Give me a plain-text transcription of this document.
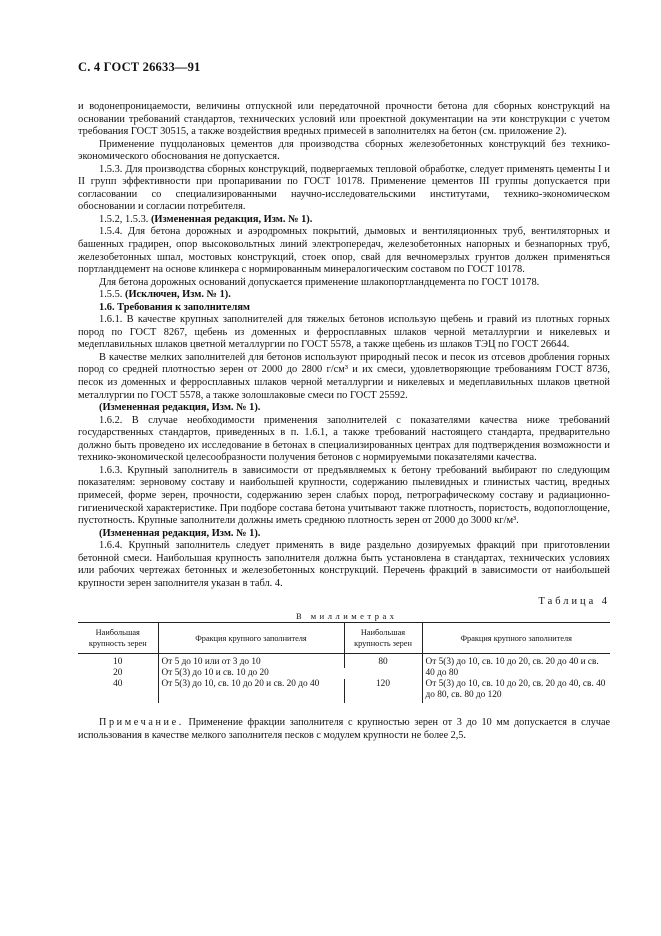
С. 4 ГОСТ 26633—91

и водонепроницаемости, величины отпускной или передаточной прочности бетона для сборных конструкций на основании требований стандартов, технических условий или проектной документации на эти конструкции с учетом требования ГОСТ 30515, а также воздействия вредных примесей в заполнителях на бетон (см. приложение 2).

Применение пуццолановых цементов для производства сборных железобетонных конструкций без технико-экономического обоснования не допускается.

1.5.3. Для производства сборных конструкций, подвергаемых тепловой обработке, следует применять цементы I и II групп эффективности при пропаривании по ГОСТ 10178. Применение цементов III группы допускается при согласовании со специализированными научно-исследовательскими институтами, технико-экономическом обосновании и согласии потребителя.

1.5.2, 1.5.3. (Измененная редакция, Изм. № 1).

1.5.4. Для бетона дорожных и аэродромных покрытий, дымовых и вентиляционных труб, вентиляторных и башенных градирен, опор высоковольтных линий электропередач, железобетонных напорных и безнапорных труб, железобетонных шпал, мостовых конструкций, стоек опор, свай для вечномерзлых грунтов должен применяться портландцемент на основе клинкера с нормированным минералогическим составом по ГОСТ 10178.

Для бетона дорожных оснований допускается применение шлакопортландцемента по ГОСТ 10178.

1.5.5. (Исключен, Изм. № 1).

1.6. Требования к заполнителям

1.6.1. В качестве крупных заполнителей для тяжелых бетонов использую щебень и гравий из плотных горных пород по ГОСТ 8267, щебень из доменных и ферросплавных шлаков черной металлургии и никелевых и медеплавильных шлаков цветной металлургии по ГОСТ 5578, а также щебень из шлаков ТЭЦ по ГОСТ 26644.

В качестве мелких заполнителей для бетонов используют природный песок и песок из отсевов дробления горных пород со средней плотностью зерен от 2000 до 2800 г/см³ и их смеси, удовлетворяющие требованиям ГОСТ 8736, песок из доменных и ферросплавных шлаков черной металлургии и никелевых и медеплавильных шлаков цветной металлургии по ГОСТ 5578, а также золошлаковые смеси по ГОСТ 25592.

(Измененная редакция, Изм. № 1).

1.6.2. В случае необходимости применения заполнителей с показателями качества ниже требований государственных стандартов, приведенных в п. 1.6.1, а также требований настоящего стандарта, предварительно должно быть проведено их исследование в бетонах в специализированных центрах для подтверждения возможности и технико-экономической целесообразности получения бетонов с нормируемыми показателями качества.

1.6.3. Крупный заполнитель в зависимости от предъявляемых к бетону требований выбирают по следующим показателям: зерновому составу и наибольшей крупности, содержанию пылевидных и глинистых частиц, вредных примесей, форме зерен, прочности, содержанию зерен слабых пород, петрографическому составу и радиационно-гигиенической характеристике. При подборе состава бетона учитывают также плотность, пористость, водопоглощение, пустотность. Крупные заполнители должны иметь среднюю плотность зерен от 2000 до 3000 кг/м³.

(Измененная редакция, Изм. № 1).

1.6.4. Крупный заполнитель следует применять в виде раздельно дозируемых фракций при приготовлении бетонной смеси. Наибольшая крупность заполнителя должна быть установлена в стандартах, технических условиях или рабочих чертежах бетонных и железобетонных конструкций. Перечень фракций в зависимости от наибольшей крупности зерен заполнителя указан в табл. 4.

Таблица 4
В миллиметрах
Наибольшая крупность зерен	Фракция крупного заполнителя	Наибольшая крупность зерен	Фракция крупного заполнителя
10	От 5 до 10 или от 3 до 10	80	От 5(3) до 10, св. 10 до 20, св. 20 до 40 и св. 40 до 80
20	От 5(3) до 10 и св. 10 до 20		
40	От 5(3) до 10, св. 10 до 20 и св. 20 до 40	120	От 5(3) до 10, св. 10 до 20, св. 20 до 40, св. 40 до 80, св. 80 до 120

Примечание. Применение фракции заполнителя с крупностью зерен от 3 до 10 мм допускается в случае использования в качестве мелкого заполнителя песков с модулем крупности не более 2,5.
